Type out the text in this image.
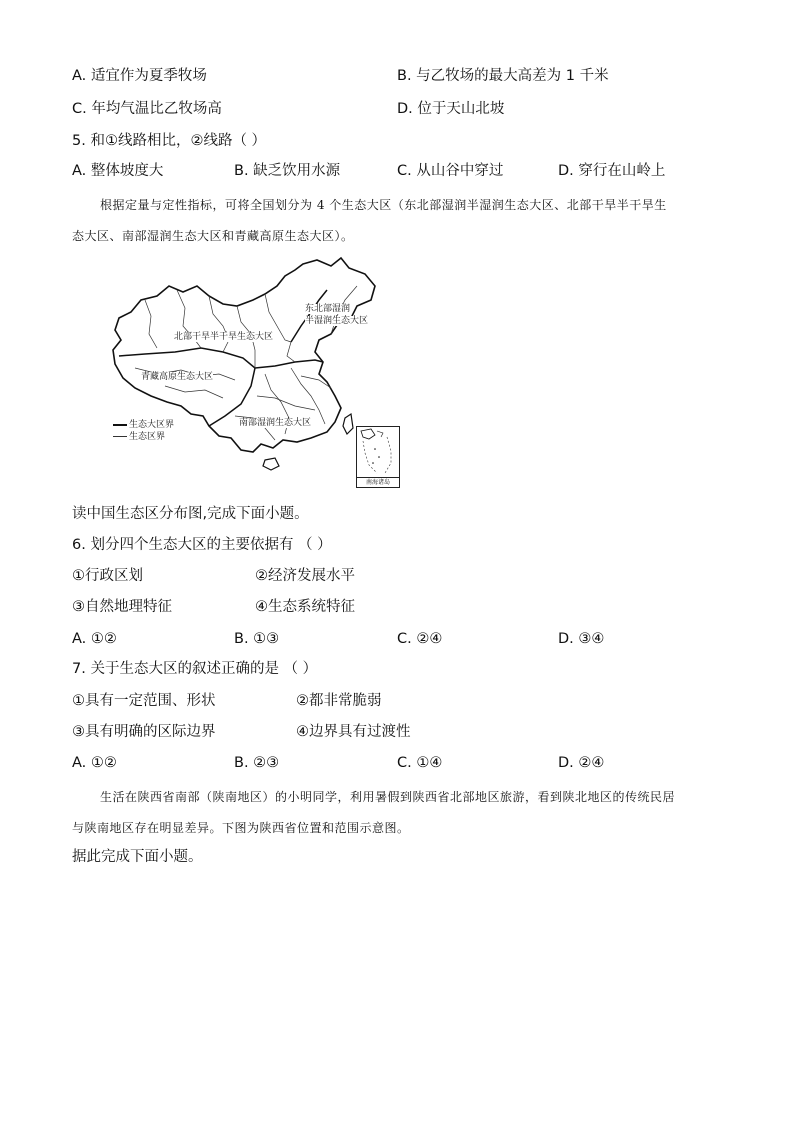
A. 适宜作为夏季牧场	B. 与乙牧场的最大高差为 1 千米
C. 年均气温比乙牧场高	D. 位于天山北坡
5. 和①线路相比，②线路（ ）
A. 整体坡度大	B. 缺乏饮用水源	C. 从山谷中穿过	D. 穿行在山岭上
根据定量与定性指标，可将全国划分为 4 个生态大区（东北部湿润半湿润生态大区、北部干旱半干旱生
态大区、南部湿润生态大区和青藏高原生态大区）。
东北部湿润
半湿润生态大区
北部干旱半干旱生态大区
青藏高原生态大区
南部湿润生态大区
生态大区界
生态区界
南海诸岛
读中国生态区分布图,完成下面小题。
6. 划分四个生态大区的主要依据有 （ ）
①行政区划	②经济发展水平
③自然地理特征	④生态系统特征
A. ①②	B. ①③	C. ②④	D. ③④
7. 关于生态大区的叙述正确的是 （ ）
①具有一定范围、形状	②都非常脆弱
③具有明确的区际边界	④边界具有过渡性
A. ①②	B. ②③	C. ①④	D. ②④
生活在陕西省南部（陕南地区）的小明同学，利用暑假到陕西省北部地区旅游，看到陕北地区的传统民居
与陕南地区存在明显差异。下图为陕西省位置和范围示意图。
据此完成下面小题。
